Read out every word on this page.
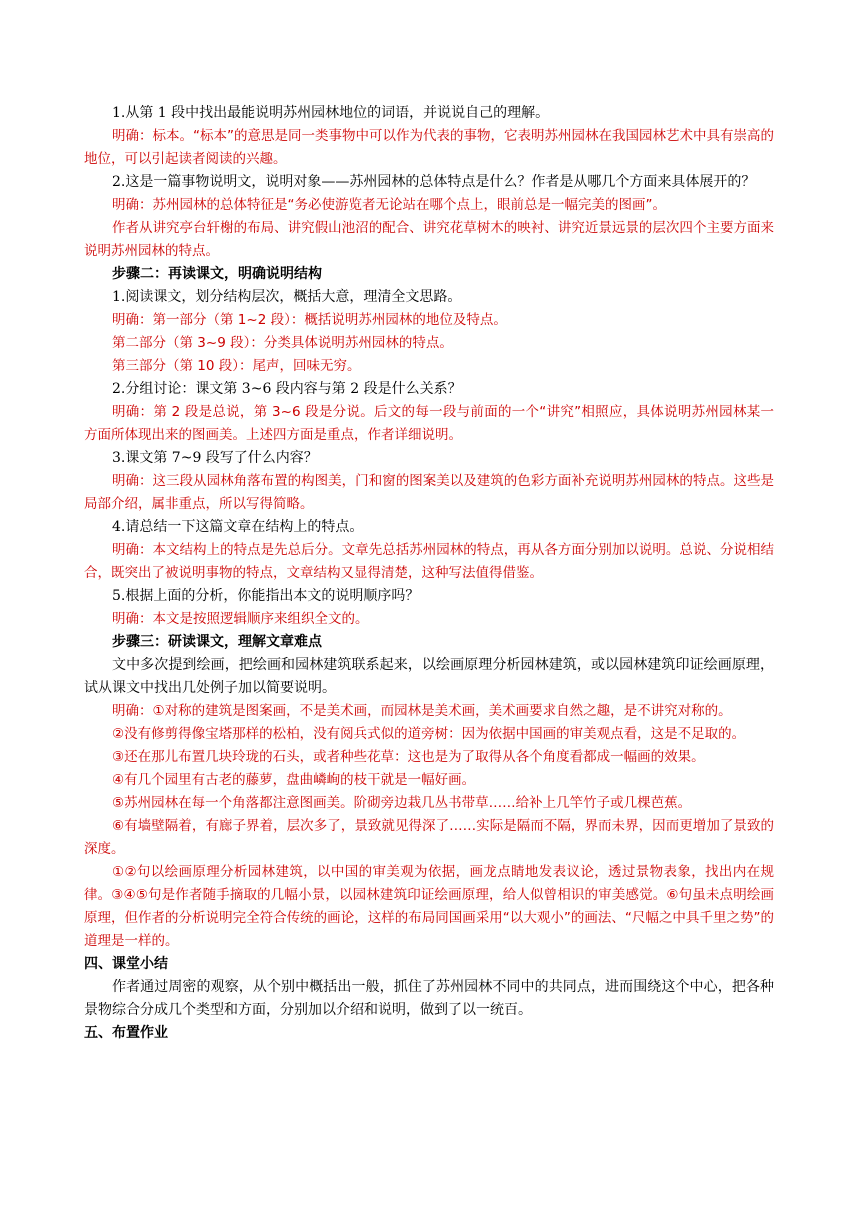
1.从第 1 段中找出最能说明苏州园林地位的词语，并说说自己的理解。

明确：标本。“标本”的意思是同一类事物中可以作为代表的事物，它表明苏州园林在我国园林艺术中具有崇高的地位，可以引起读者阅读的兴趣。

2.这是一篇事物说明文，说明对象——苏州园林的总体特点是什么？作者是从哪几个方面来具体展开的？

明确：苏州园林的总体特征是“务必使游览者无论站在哪个点上，眼前总是一幅完美的图画”。

作者从讲究亭台轩榭的布局、讲究假山池沼的配合、讲究花草树木的映衬、讲究近景远景的层次四个主要方面来说明苏州园林的特点。

步骤二：再读课文，明确说明结构

1.阅读课文，划分结构层次，概括大意，理清全文思路。

明确：第一部分（第 1~2 段）：概括说明苏州园林的地位及特点。

第二部分（第 3~9 段）：分类具体说明苏州园林的特点。

第三部分（第 10 段）：尾声，回味无穷。

2.分组讨论：课文第 3~6 段内容与第 2 段是什么关系？

明确：第 2 段是总说，第 3~6 段是分说。后文的每一段与前面的一个“讲究”相照应，具体说明苏州园林某一方面所体现出来的图画美。上述四方面是重点，作者详细说明。

3.课文第 7~9 段写了什么内容？

明确：这三段从园林角落布置的构图美，门和窗的图案美以及建筑的色彩方面补充说明苏州园林的特点。这些是局部介绍，属非重点，所以写得简略。

4.请总结一下这篇文章在结构上的特点。

明确：本文结构上的特点是先总后分。文章先总括苏州园林的特点，再从各方面分别加以说明。总说、分说相结合，既突出了被说明事物的特点，文章结构又显得清楚，这种写法值得借鉴。

5.根据上面的分析，你能指出本文的说明顺序吗？

明确：本文是按照逻辑顺序来组织全文的。

步骤三：研读课文，理解文章难点

文中多次提到绘画，把绘画和园林建筑联系起来，以绘画原理分析园林建筑，或以园林建筑印证绘画原理，试从课文中找出几处例子加以简要说明。

明确：①对称的建筑是图案画，不是美术画，而园林是美术画，美术画要求自然之趣，是不讲究对称的。

②没有修剪得像宝塔那样的松柏，没有阅兵式似的道旁树：因为依据中国画的审美观点看，这是不足取的。

③还在那儿布置几块玲珑的石头，或者种些花草：这也是为了取得从各个角度看都成一幅画的效果。

④有几个园里有古老的藤萝，盘曲嶙峋的枝干就是一幅好画。

⑤苏州园林在每一个角落都注意图画美。阶砌旁边栽几丛书带草……给补上几竿竹子或几棵芭蕉。

⑥有墙壁隔着，有廊子界着，层次多了，景致就见得深了……实际是隔而不隔，界而未界，因而更增加了景致的深度。

①②句以绘画原理分析园林建筑，以中国的审美观为依据，画龙点睛地发表议论，透过景物表象，找出内在规律。③④⑤句是作者随手摘取的几幅小景，以园林建筑印证绘画原理，给人似曾相识的审美感觉。⑥句虽未点明绘画原理，但作者的分析说明完全符合传统的画论，这样的布局同国画采用“以大观小”的画法、“尺幅之中具千里之势”的道理是一样的。

四、课堂小结

作者通过周密的观察，从个别中概括出一般，抓住了苏州园林不同中的共同点，进而围绕这个中心，把各种景物综合分成几个类型和方面，分别加以介绍和说明，做到了以一统百。

五、布置作业
